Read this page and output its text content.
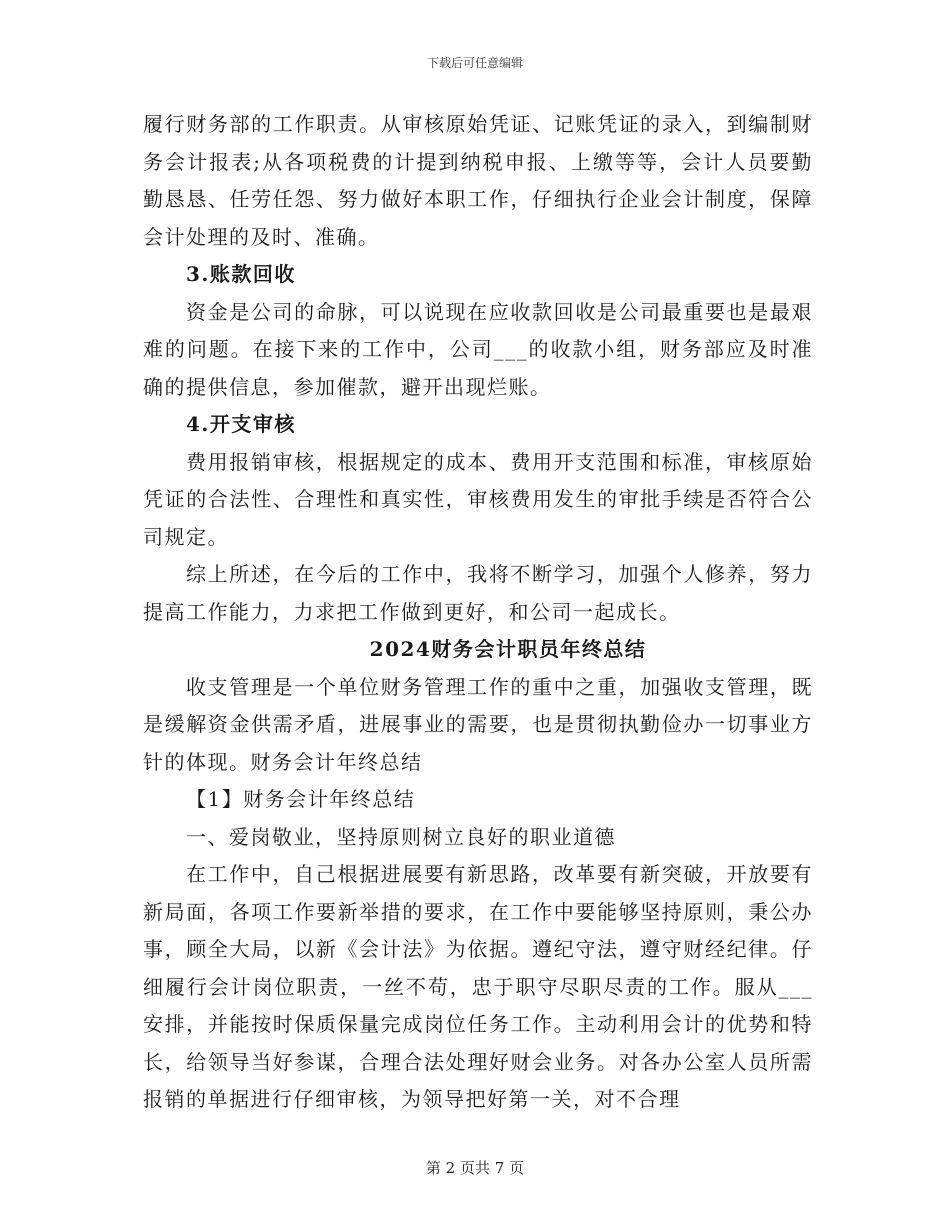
下载后可任意编辑

履行财务部的工作职责。从审核原始凭证、记账凭证的录入，到编制财务会计报表;从各项税费的计提到纳税申报、上缴等等，会计人员要勤勤恳恳、任劳任怨、努力做好本职工作，仔细执行企业会计制度，保障会计处理的及时、准确。

3.账款回收

资金是公司的命脉，可以说现在应收款回收是公司最重要也是最艰难的问题。在接下来的工作中，公司___的收款小组，财务部应及时准确的提供信息，参加催款，避开出现烂账。

4.开支审核

费用报销审核，根据规定的成本、费用开支范围和标准，审核原始凭证的合法性、合理性和真实性，审核费用发生的审批手续是否符合公司规定。

综上所述，在今后的工作中，我将不断学习，加强个人修养，努力提高工作能力，力求把工作做到更好，和公司一起成长。

2024财务会计职员年终总结

收支管理是一个单位财务管理工作的重中之重，加强收支管理，既是缓解资金供需矛盾，进展事业的需要，也是贯彻执勤俭办一切事业方针的体现。财务会计年终总结

【1】财务会计年终总结

一、爱岗敬业，坚持原则树立良好的职业道德

在工作中，自己根据进展要有新思路，改革要有新突破，开放要有新局面，各项工作要新举措的要求，在工作中要能够坚持原则，秉公办事，顾全大局，以新《会计法》为依据。遵纪守法，遵守财经纪律。仔细履行会计岗位职责，一丝不苟，忠于职守尽职尽责的工作。服从___安排，并能按时保质保量完成岗位任务工作。主动利用会计的优势和特长，给领导当好参谋，合理合法处理好财会业务。对各办公室人员所需报销的单据进行仔细审核，为领导把好第一关，对不合理

第 2 页共 7 页
